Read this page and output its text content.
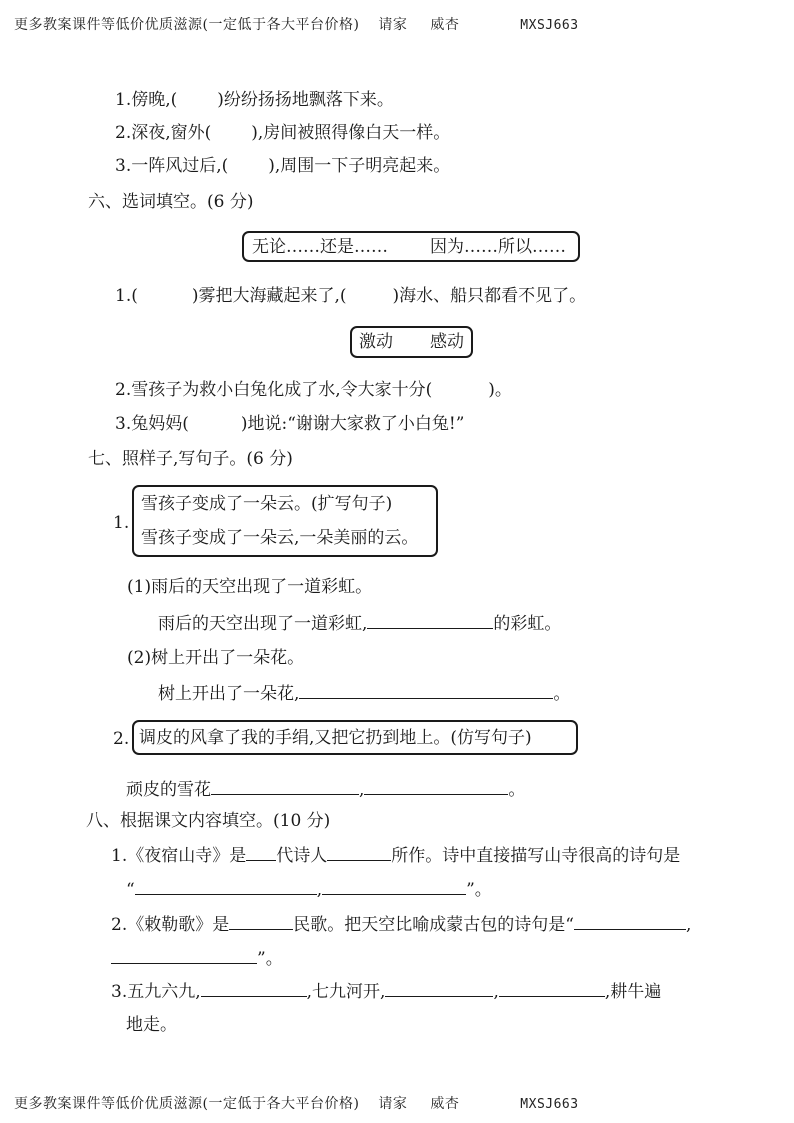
更多教案课件等低价优质滋源(一定低于各大平台价格) 请家 威杏	MXSJ663
1.傍晚,( )纷纷扬扬地飘落下来。
2.深夜,窗外( ),房间被照得像白天一样。
3.一阵风过后,( ),周围一下子明亮起来。
六、选词填空。(6 分)
无论……还是…… 因为……所以……
1.(	)雾把大海藏起来了,(	)海水、船只都看不见了。
激动 感动
2.雪孩子为救小白兔化成了水,令大家十分(	)。
3.兔妈妈(	)地说:“谢谢大家救了小白兔!”
七、照样子,写句子。(6 分)
1.
雪孩子变成了一朵云。(扩写句子)
雪孩子变成了一朵云,一朵美丽的云。
(1)雨后的天空出现了一道彩虹。
雨后的天空出现了一道彩虹,	的彩虹。
(2)树上开出了一朵花。
树上开出了一朵花,	。
2. 调皮的风拿了我的手绢,又把它扔到地上。(仿写句子)
顽皮的雪花	,	。
八、根据课文内容填空。(10 分)
1.《夜宿山寺》是 代诗人	所作。诗中直接描写山寺很高的诗句是
“	,	”。
2.《敕勒歌》是	民歌。把天空比喻成蒙古包的诗句是“	,
”。
3.五九六九,	,七九河开,	,	,耕牛遍
地走。
更多教案课件等低价优质滋源(一定低于各大平台价格) 请家 威杏	MXSJ663
